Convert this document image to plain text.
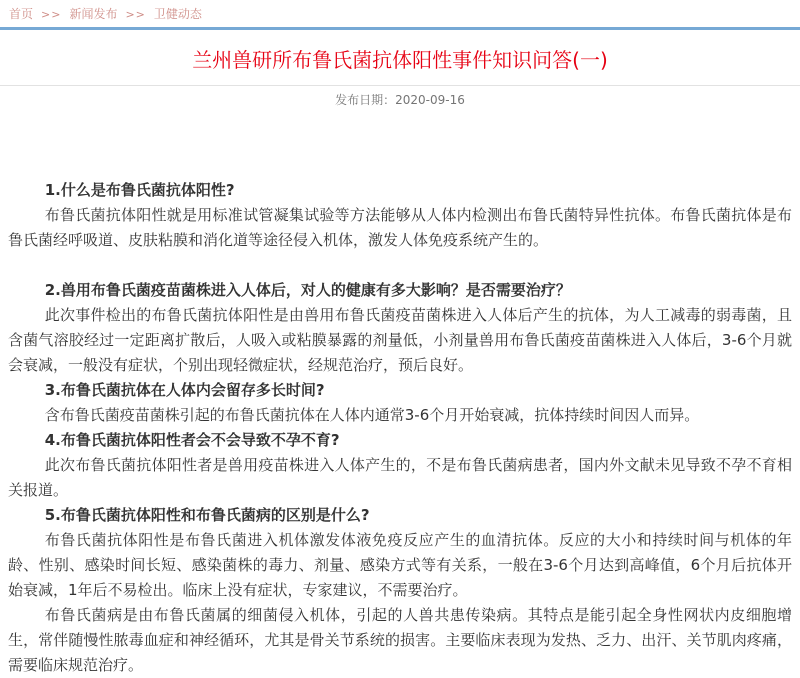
首页 >> 新闻发布 >> 卫健动态
兰州兽研所布鲁氏菌抗体阳性事件知识问答(一)
发布日期：2020-09-16

1.什么是布鲁氏菌抗体阳性?

布鲁氏菌抗体阳性就是用标准试管凝集试验等方法能够从人体内检测出布鲁氏菌特异性抗体。布鲁氏菌抗体是布鲁氏菌经呼吸道、皮肤粘膜和消化道等途径侵入机体，激发人体免疫系统产生的。

2.兽用布鲁氏菌疫苗菌株进入人体后，对人的健康有多大影响？是否需要治疗？

此次事件检出的布鲁氏菌抗体阳性是由兽用布鲁氏菌疫苗菌株进入人体后产生的抗体，为人工减毒的弱毒菌，且含菌气溶胶经过一定距离扩散后，人吸入或粘膜暴露的剂量低，小剂量兽用布鲁氏菌疫苗菌株进入人体后，3-6个月就会衰减，一般没有症状，个别出现轻微症状，经规范治疗，预后良好。

3.布鲁氏菌抗体在人体内会留存多长时间?

含布鲁氏菌疫苗菌株引起的布鲁氏菌抗体在人体内通常3-6个月开始衰减，抗体持续时间因人而异。

4.布鲁氏菌抗体阳性者会不会导致不孕不育?

此次布鲁氏菌抗体阳性者是兽用疫苗株进入人体产生的，不是布鲁氏菌病患者，国内外文献未见导致不孕不育相关报道。

5.布鲁氏菌抗体阳性和布鲁氏菌病的区别是什么?

布鲁氏菌抗体阳性是布鲁氏菌进入机体激发体液免疫反应产生的血清抗体。反应的大小和持续时间与机体的年龄、性别、感染时间长短、感染菌株的毒力、剂量、感染方式等有关系，一般在3-6个月达到高峰值，6个月后抗体开始衰减，1年后不易检出。临床上没有症状，专家建议，不需要治疗。

布鲁氏菌病是由布鲁氏菌属的细菌侵入机体，引起的人兽共患传染病。其特点是能引起全身性网状内皮细胞增生，常伴随慢性脓毒血症和神经循环，尤其是骨关节系统的损害。主要临床表现为发热、乏力、出汗、关节肌肉疼痛，需要临床规范治疗。
